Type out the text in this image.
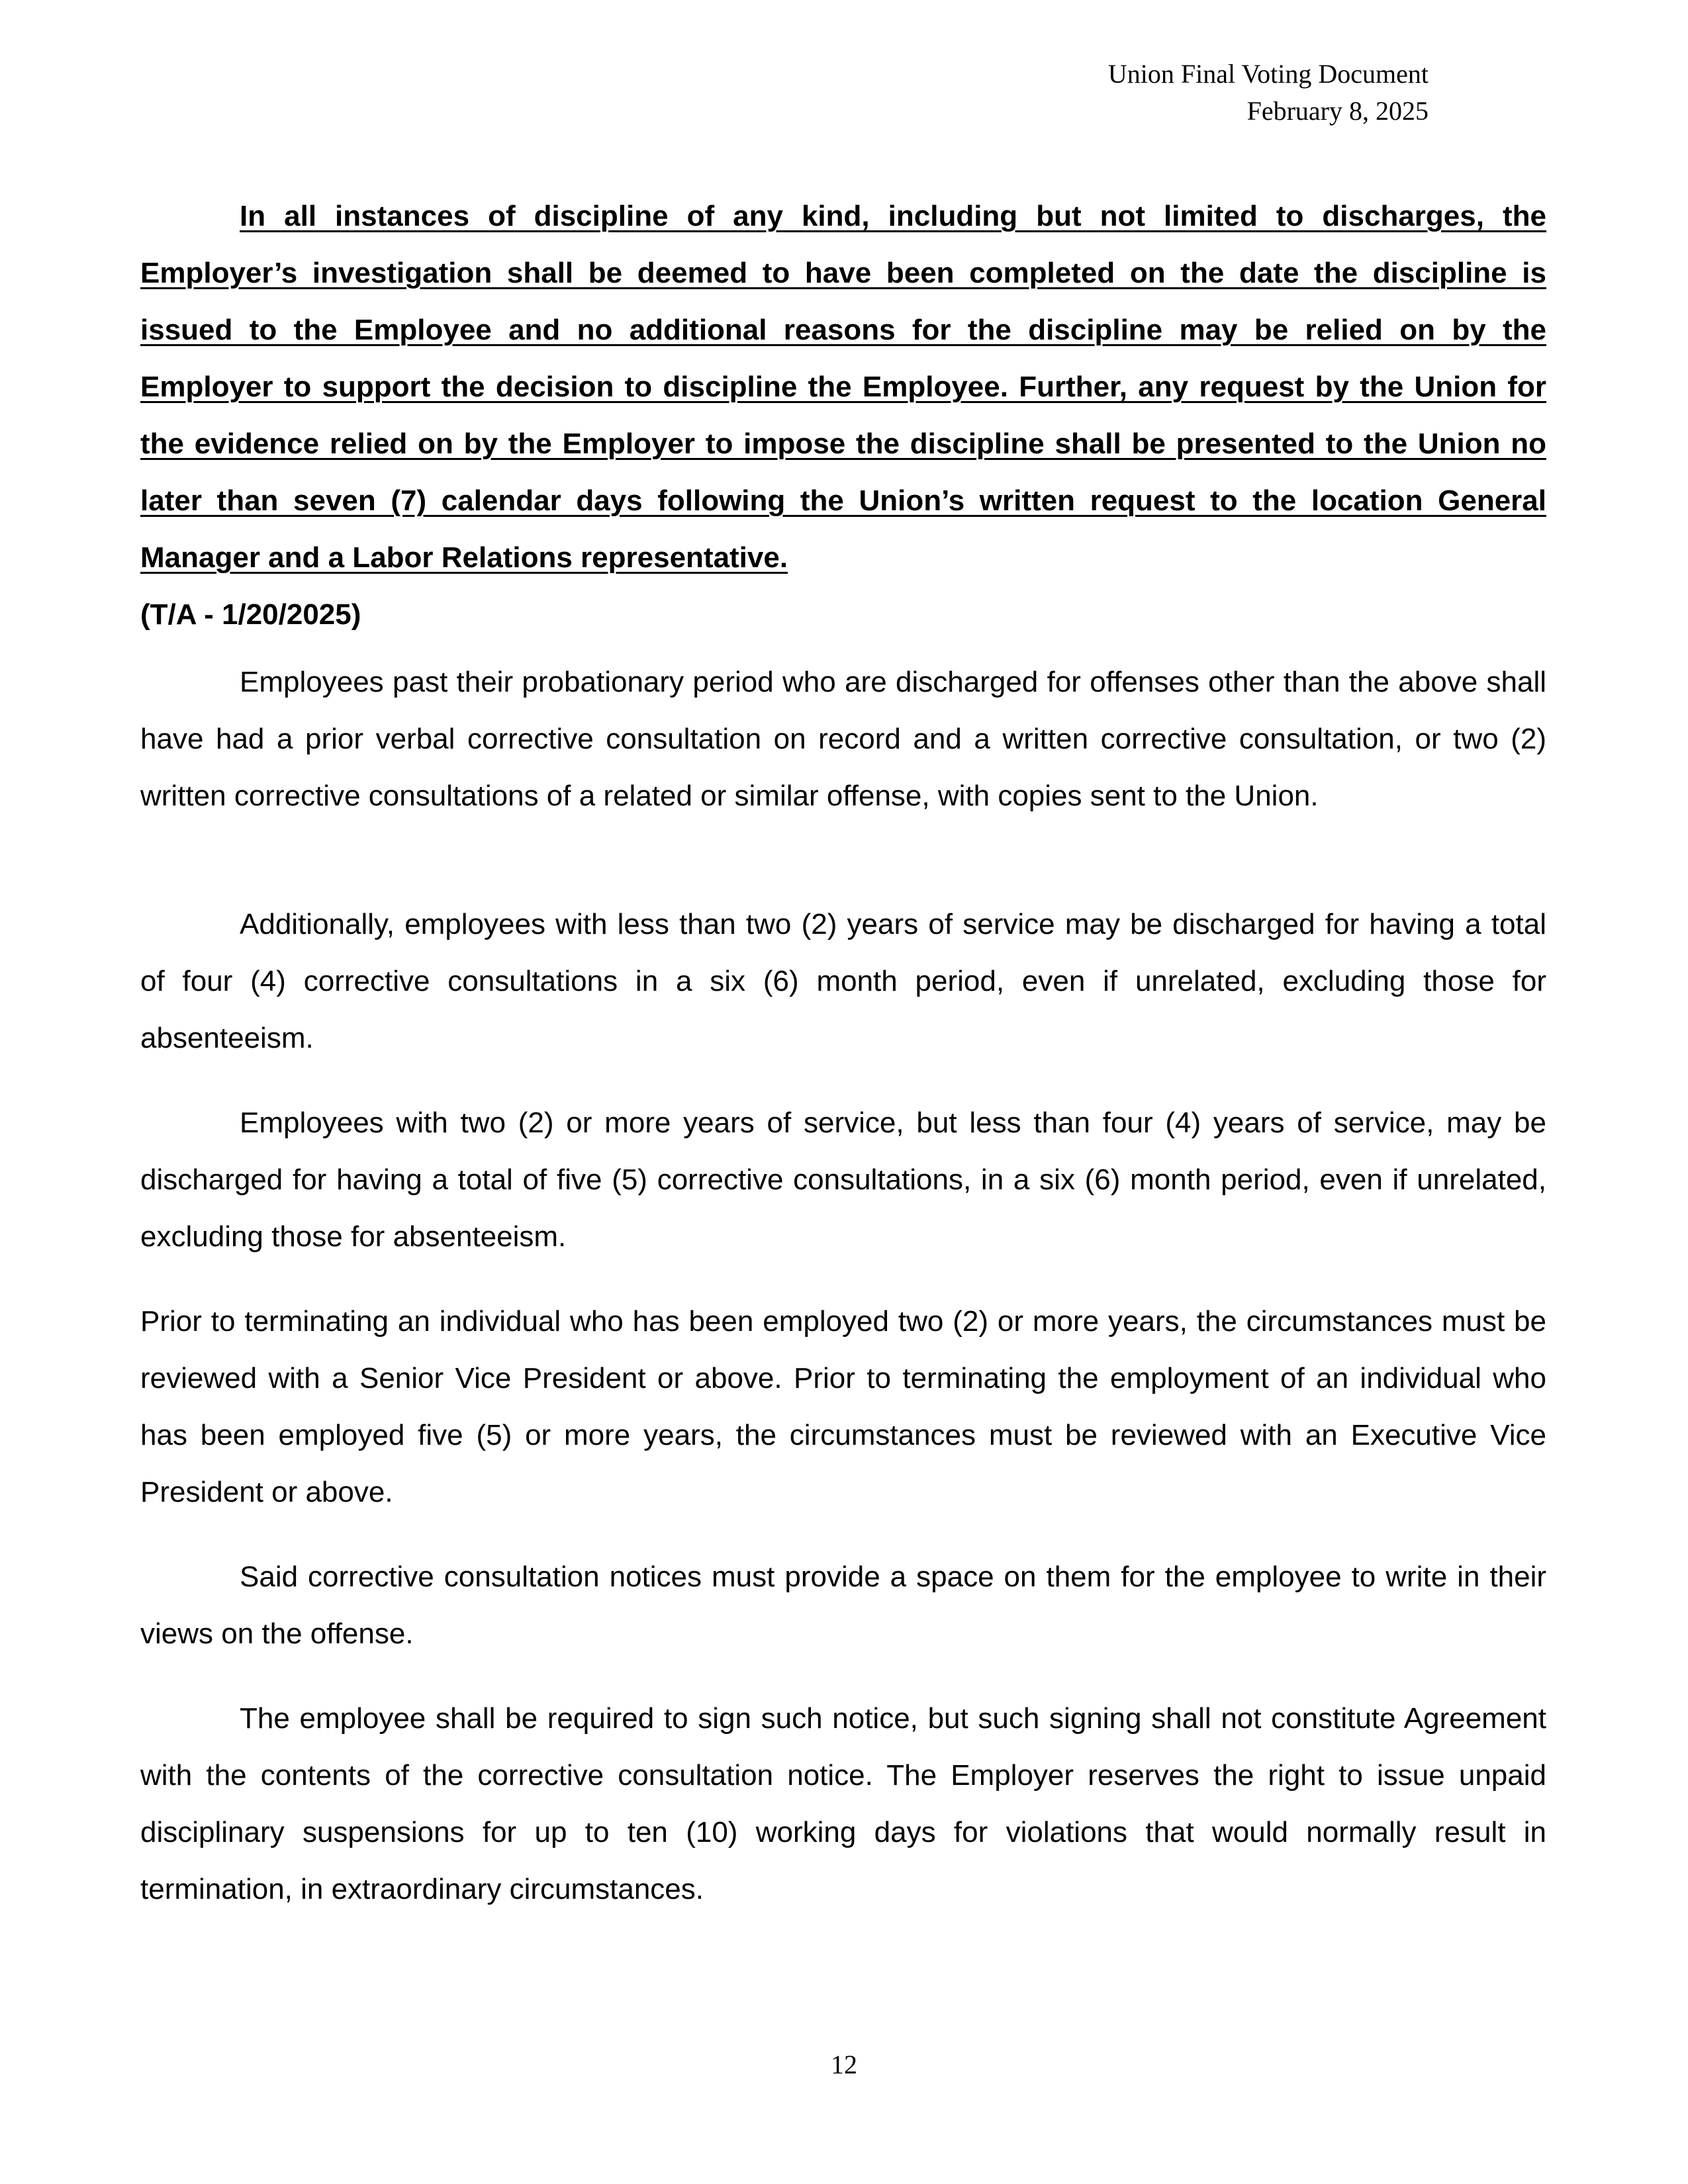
Union Final Voting Document
February 8, 2025

In all instances of discipline of any kind, including but not limited to discharges, the Employer’s investigation shall be deemed to have been completed on the date the discipline is issued to the Employee and no additional reasons for the discipline may be relied on by the Employer to support the decision to discipline the Employee. Further, any request by the Union for the evidence relied on by the Employer to impose the discipline shall be presented to the Union no later than seven (7) calendar days following the Union’s written request to the location General Manager and a Labor Relations representative.

(T/A - 1/20/2025)

Employees past their probationary period who are discharged for offenses other than the above shall have had a prior verbal corrective consultation on record and a written corrective consultation, or two (2) written corrective consultations of a related or similar offense, with copies sent to the Union.

Additionally, employees with less than two (2) years of service may be discharged for having a total of four (4) corrective consultations in a six (6) month period, even if unrelated, excluding those for absenteeism.

Employees with two (2) or more years of service, but less than four (4) years of service, may be discharged for having a total of five (5) corrective consultations, in a six (6) month period, even if unrelated, excluding those for absenteeism.

Prior to terminating an individual who has been employed two (2) or more years, the circumstances must be reviewed with a Senior Vice President or above. Prior to terminating the employment of an individual who has been employed five (5) or more years, the circumstances must be reviewed with an Executive Vice President or above.

Said corrective consultation notices must provide a space on them for the employee to write in their views on the offense.

The employee shall be required to sign such notice, but such signing shall not constitute Agreement with the contents of the corrective consultation notice. The Employer reserves the right to issue unpaid disciplinary suspensions for up to ten (10) working days for violations that would normally result in termination, in extraordinary circumstances.

12
